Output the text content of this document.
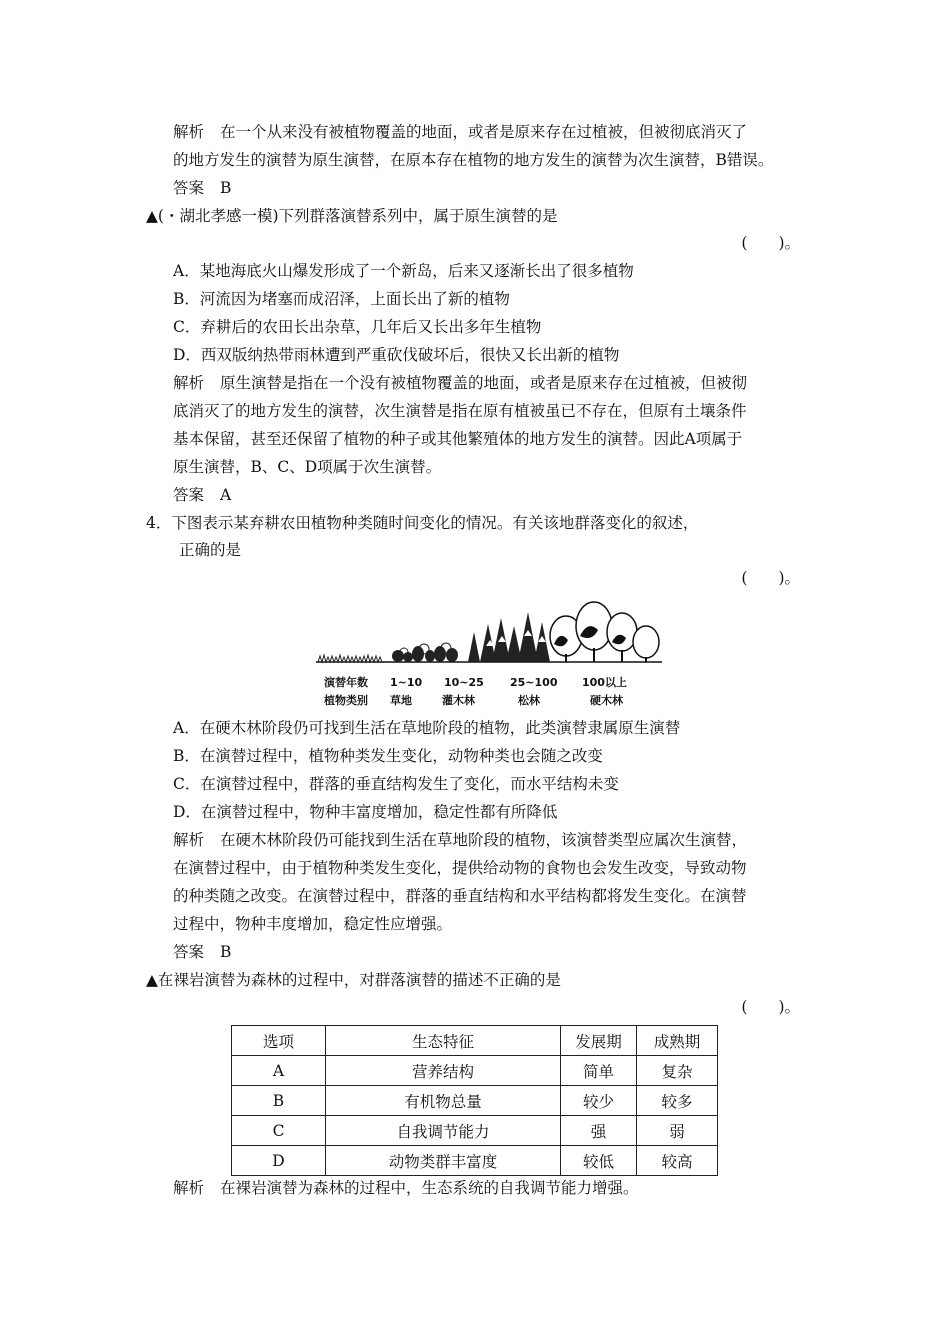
解析 在一个从来没有被植物覆盖的地面，或者是原来存在过植被，但被彻底消灭了
的地方发生的演替为原生演替，在原本存在植物的地方发生的演替为次生演替，B错误。
答案 B
▲(・湖北孝感一模)下列群落演替系列中，属于原生演替的是
(　　)。
A．某地海底火山爆发形成了一个新岛，后来又逐渐长出了很多植物
B．河流因为堵塞而成沼泽，上面长出了新的植物
C．弃耕后的农田长出杂草，几年后又长出多年生植物
D．西双版纳热带雨林遭到严重砍伐破坏后，很快又长出新的植物
解析 原生演替是指在一个没有被植物覆盖的地面，或者是原来存在过植被，但被彻
底消灭了的地方发生的演替，次生演替是指在原有植被虽已不存在，但原有土壤条件
基本保留，甚至还保留了植物的种子或其他繁殖体的地方发生的演替。因此A项属于
原生演替，B、C、D项属于次生演替。
答案 A
4．下图表示某弃耕农田植物种类随时间变化的情况。有关该地群落变化的叙述，
正确的是
(　　)。
演替年数
植物类别
1~10
草地
10~25
灌木林
25~100
松林
100以上
硬木林
A．在硬木林阶段仍可找到生活在草地阶段的植物，此类演替隶属原生演替
B．在演替过程中，植物种类发生变化，动物种类也会随之改变
C．在演替过程中，群落的垂直结构发生了变化，而水平结构未变
D．在演替过程中，物种丰富度增加，稳定性都有所降低
解析 在硬木林阶段仍可能找到生活在草地阶段的植物，该演替类型应属次生演替，
在演替过程中，由于植物种类发生变化，提供给动物的食物也会发生改变，导致动物
的种类随之改变。在演替过程中，群落的垂直结构和水平结构都将发生变化。在演替
过程中，物种丰度增加，稳定性应增强。
答案 B
▲在裸岩演替为森林的过程中，对群落演替的描述不正确的是
(　　)。
选项	生态特征	发展期	成熟期
A	营养结构	简单	复杂
B	有机物总量	较少	较多
C	自我调节能力	强	弱
D	动物类群丰富度	较低	较高
解析 在裸岩演替为森林的过程中，生态系统的自我调节能力增强。
